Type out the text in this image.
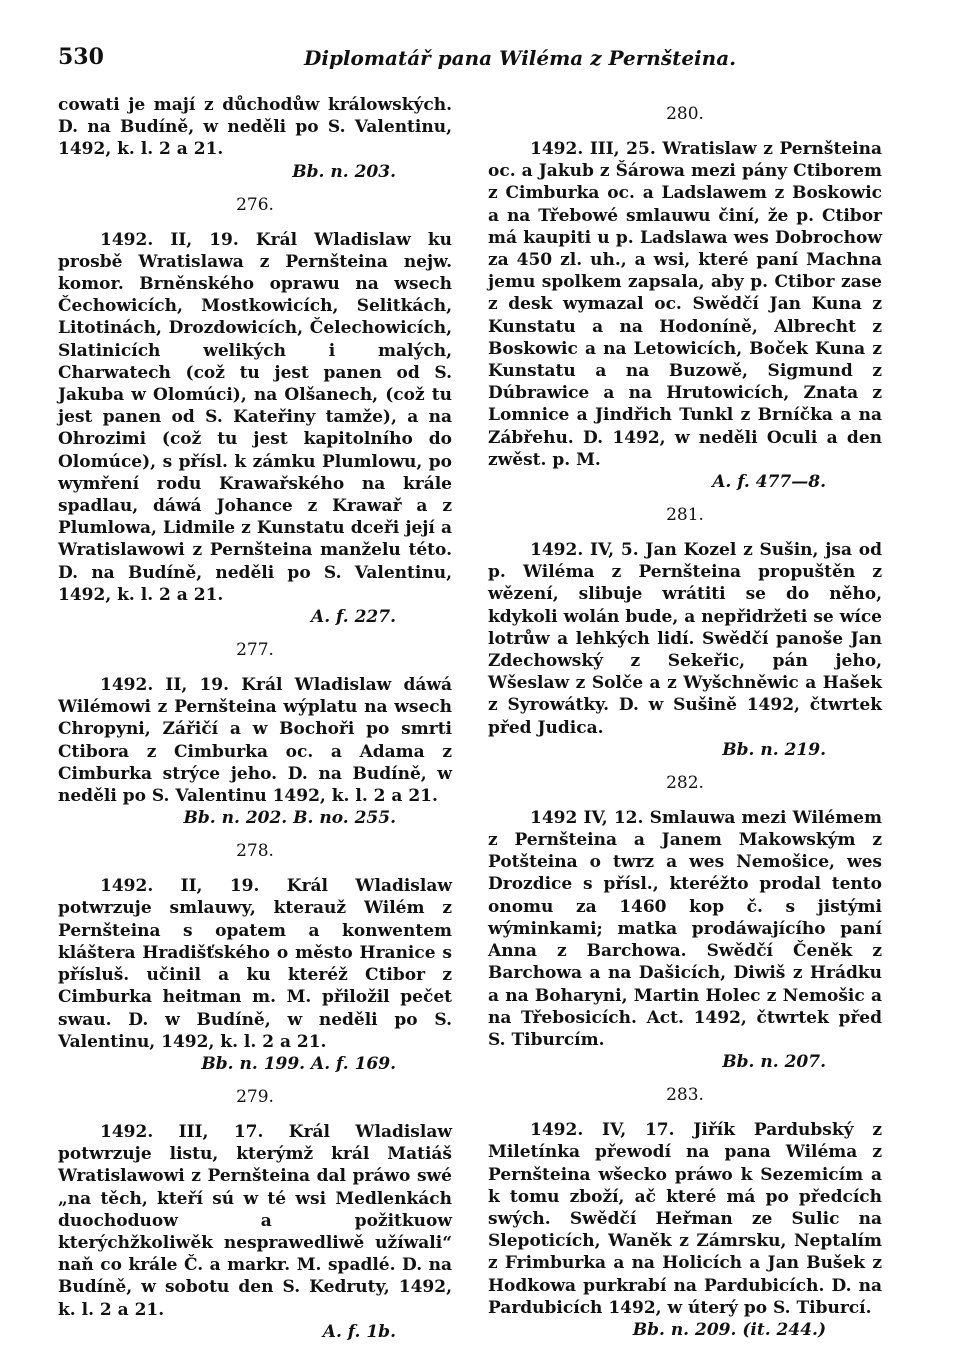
530	Diplomatář pana Wiléma z Pernšteina.
cowati je mají z důchodůw králowských. D. na Budíně, w neděli po S. Valentinu, 1492, k. l. 2 a 21.
Bb. n. 203.
276.
1492. II, 19. Král Wladislaw ku prosbě Wratislawa z Pernšteina nejw. komor. Brněnského oprawu na wsech Čechowicích, Mostkowicích, Selitkách, Litotinách, Drozdowicích, Čelechowicích, Slatinicích welikých i malých, Charwatech (což tu jest panen od S. Jakuba w Olomúci), na Olšanech, (což tu jest panen od S. Kateřiny tamže), a na Ohrozimi (což tu jest kapitolního do Olomúce), s přísl. k zámku Plumlowu, po wymření rodu Krawařského na krále spadlau, dáwá Johance z Krawař a z Plumlowa, Lidmile z Kunstatu dceři její a Wratislawowi z Pernšteina manželu této. D. na Budíně, neděli po S. Valentinu, 1492, k. l. 2 a 21.
A. f. 227.
277.
1492. II, 19. Král Wladislaw dáwá Wilémowi z Pernšteina wýplatu na wsech Chropyni, Zářičí a w Bochoři po smrti Ctibora z Cimburka oc. a Adama z Cimburka strýce jeho. D. na Budíně, w neděli po S. Valentinu 1492, k. l. 2 a 21.
Bb. n. 202. B. no. 255.
278.
1492. II, 19. Král Wladislaw potwrzuje smlauwy, kterauž Wilém z Pernšteina s opatem a konwentem kláštera Hradišťského o město Hranice s přísluš. učinil a ku kteréž Ctibor z Cimburka heitman m. M. přiložil pečet swau. D. w Budíně, w neděli po S. Valentinu, 1492, k. l. 2 a 21.
Bb. n. 199. A. f. 169.
279.
1492. III, 17. Král Wladislaw potwrzuje listu, kterýmž král Matiáš Wratislawowi z Pernšteina dal práwo swé „na těch, kteří sú w té wsi Medlenkách duochoduow a požitkuow kterýchžkoliwěk nesprawedliwě užíwali“ naň co krále Č. a markr. M. spadlé. D. na Budíně, w sobotu den S. Kedruty, 1492, k. l. 2 a 21.
A. f. 1b.
280.
1492. III, 25. Wratislaw z Pernšteina oc. a Jakub z Šárowa mezi pány Ctiborem z Cimburka oc. a Ladslawem z Boskowic a na Třebowé smlauwu činí, že p. Ctibor má kaupiti u p. Ladslawa wes Dobrochow za 450 zl. uh., a wsi, které paní Machna jemu spolkem zapsala, aby p. Ctibor zase z desk wymazal oc. Swědčí Jan Kuna z Kunstatu a na Hodoníně, Albrecht z Boskowic a na Letowicích, Boček Kuna z Kunstatu a na Buzowě, Sigmund z Dúbrawice a na Hrutowicích, Znata z Lomnice a Jindřich Tunkl z Brníčka a na Zábřehu. D. 1492, w neděli Oculi a den zwěst. p. M.
A. f. 477—8.
281.
1492. IV, 5. Jan Kozel z Sušin, jsa od p. Wiléma z Pernšteina propuštěn z wězení, slibuje wrátiti se do něho, kdykoli wolán bude, a nepřidržeti se wíce lotrůw a lehkých lidí. Swědčí panoše Jan Zdechowský z Sekeřic, pán jeho, Wšeslaw z Solče a z Wyšchněwic a Hašek z Syrowátky. D. w Sušině 1492, čtwrtek před Judica.
Bb. n. 219.
282.
1492 IV, 12. Smlauwa mezi Wilémem z Pernšteina a Janem Makowským z Potšteina o twrz a wes Nemošice, wes Drozdice s přísl., kteréžto prodal tento onomu za 1460 kop č. s jistými wýminkami; matka prodáwajícího paní Anna z Barchowa. Swědčí Čeněk z Barchowa a na Dašicích, Diwiš z Hrádku a na Boharyni, Martin Holec z Nemošic a na Třebosicích. Act. 1492, čtwrtek před S. Tiburcím.
Bb. n. 207.
283.
1492. IV, 17. Jiřík Pardubský z Miletínka přewodí na pana Wiléma z Pernšteina wšecko práwo k Sezemicím a k tomu zboží, ač které má po předcích swých. Swědčí Heřman ze Sulic na Slepoticích, Waněk z Zámrsku, Neptalím z Frimburka a na Holicích a Jan Bušek z Hodkowa purkrabí na Pardubicích. D. na Pardubicích 1492, w úterý po S. Tiburcí.
Bb. n. 209. (it. 244.)
